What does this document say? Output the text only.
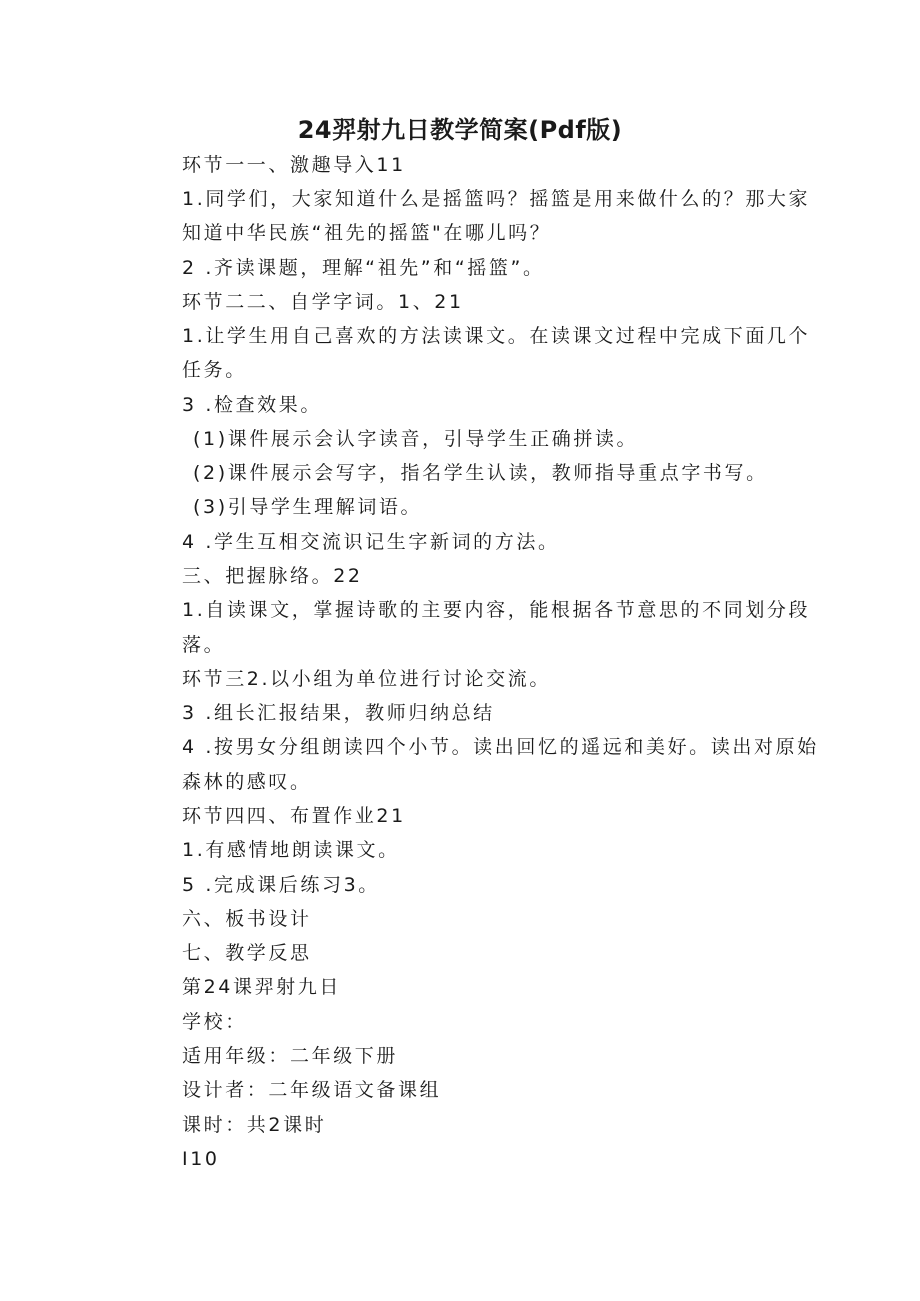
24羿射九日教学简案(Pdf版)
环节一一、激趣导入11
1.同学们，大家知道什么是摇篮吗？摇篮是用来做什么的？那大家
知道中华民族“祖先的摇篮"在哪儿吗？
2 .齐读课题，理解“祖先”和“摇篮”。
环节二二、自学字词。1、21
1.让学生用自己喜欢的方法读课文。在读课文过程中完成下面几个
任务。
3 .检查效果。
(1)课件展示会认字读音，引导学生正确拼读。
(2)课件展示会写字，指名学生认读，教师指导重点字书写。
(3)引导学生理解词语。
4 .学生互相交流识记生字新词的方法。
三、把握脉络。22
1.自读课文，掌握诗歌的主要内容，能根据各节意思的不同划分段
落。
环节三2.以小组为单位进行讨论交流。
3 .组长汇报结果，教师归纳总结
4 .按男女分组朗读四个小节。读出回忆的遥远和美好。读出对原始
森林的感叹。
环节四四、布置作业21
1.有感情地朗读课文。
5 .完成课后练习3。
六、板书设计
七、教学反思
第24课羿射九日
学校：
适用年级：二年级下册
设计者：二年级语文备课组
课时：共2课时
I10
